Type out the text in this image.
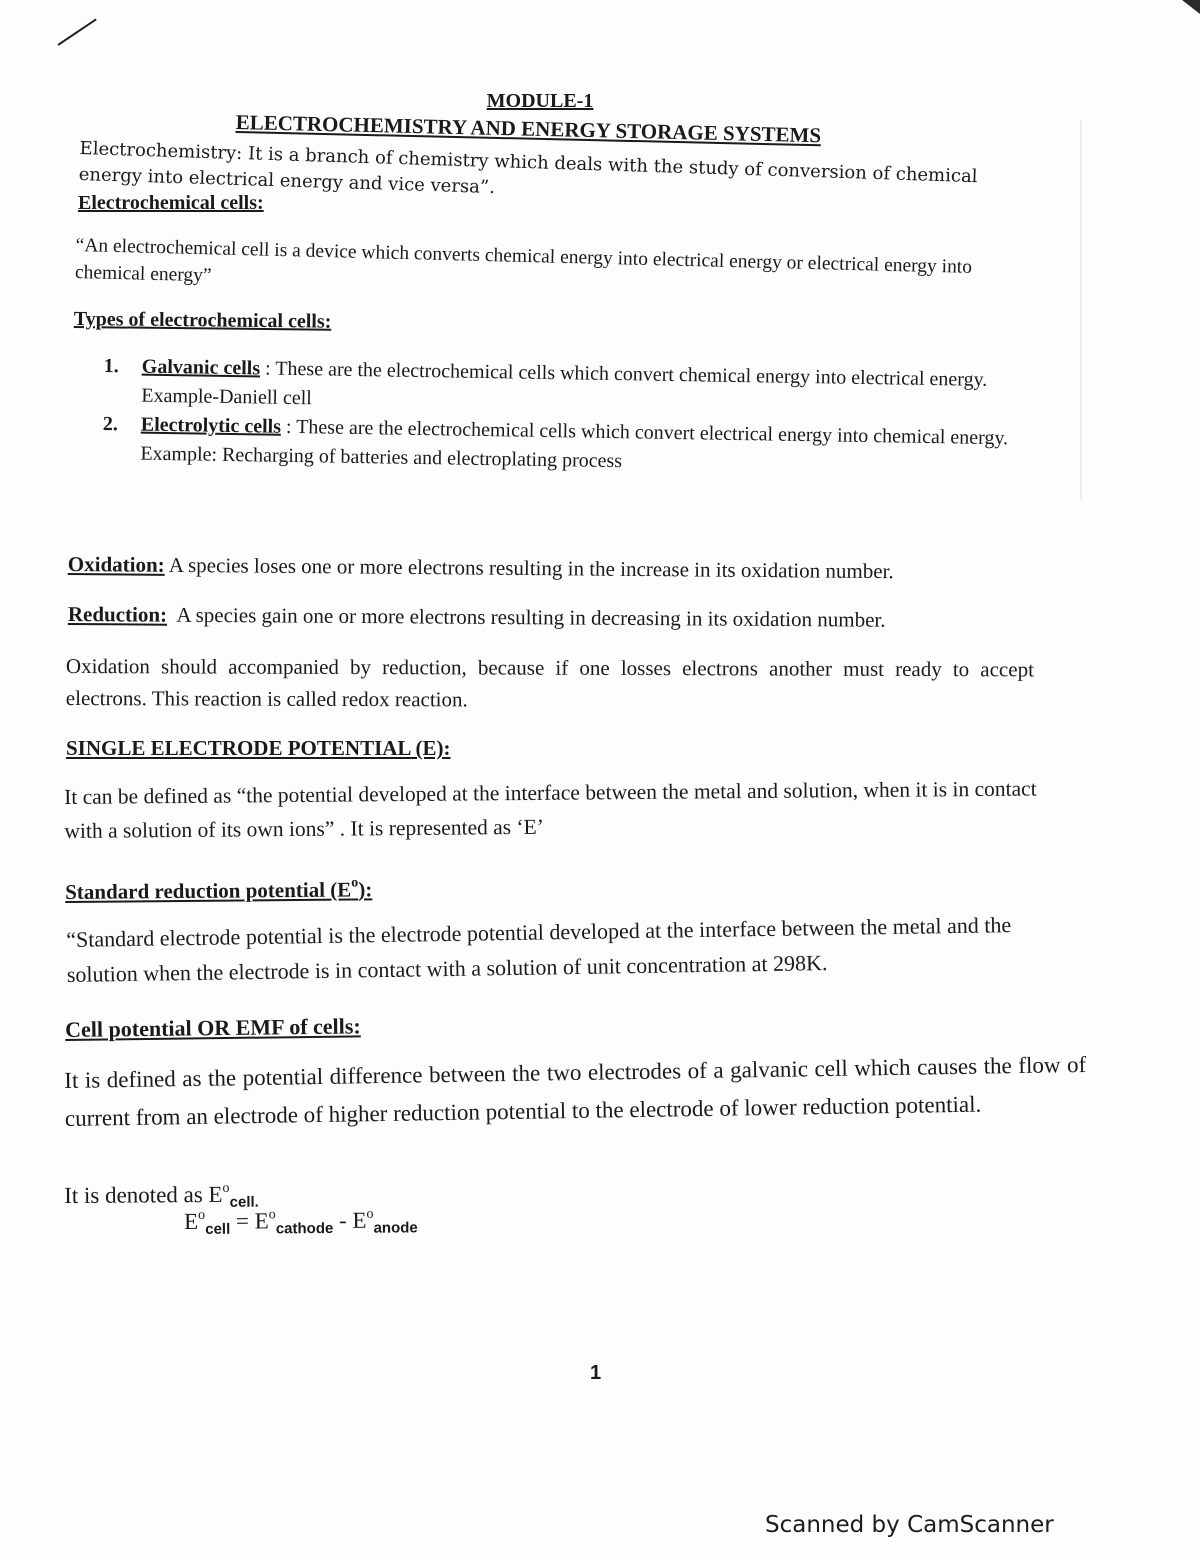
MODULE-1
ELECTROCHEMISTRY AND ENERGY STORAGE SYSTEMS
Electrochemistry: It is a branch of chemistry which deals with the study of conversion of chemical energy into electrical energy and vice versa”.
Electrochemical cells:
“An electrochemical cell is a device which converts chemical energy into electrical energy or electrical energy into chemical energy”
Types of electrochemical cells:
1.	Galvanic cells : These are the electrochemical cells which convert chemical energy into electrical energy.
Example-Daniell cell
2.	Electrolytic cells : These are the electrochemical cells which convert electrical energy into chemical energy.
Example: Recharging of batteries and electroplating process
Oxidation: A species loses one or more electrons resulting in the increase in its oxidation number.
Reduction: A species gain one or more electrons resulting in decreasing in its oxidation number.
Oxidation should accompanied by reduction, because if one losses electrons another must ready to accept electrons. This reaction is called redox reaction.
SINGLE ELECTRODE POTENTIAL (E):
It can be defined as “the potential developed at the interface between the metal and solution, when it is in contact with a solution of its own ions” . It is represented as ‘E’
Standard reduction potential $(E^o)$:
“Standard electrode potential is the electrode potential developed at the interface between the metal and the solution when the electrode is in contact with a solution of unit concentration at 298K.
Cell potential OR EMF of cells:
It is defined as the potential difference between the two electrodes of a galvanic cell which causes the flow of current from an electrode of higher reduction potential to the electrode of lower reduction potential.
It is denoted as $E^o_{cell.}$
$E^o_{cell} = E^o_{cathode} - E^o_{anode}$
1
Scanned by CamScanner
